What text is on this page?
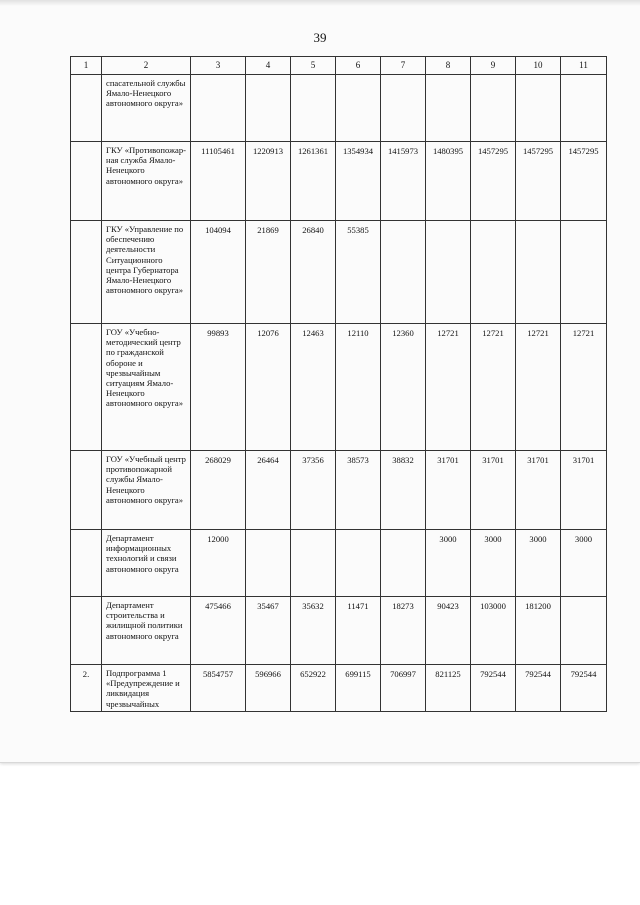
39
1	2	3	4	5	6	7	8	9	10	11
	спасательной службы Ямало-Ненецкого автономного округа»									
	ГКУ «Противопожар-ная служба Ямало-Ненецкого автономного округа»	11105461	1220913	1261361	1354934	1415973	1480395	1457295	1457295	1457295
	ГКУ «Управление по обеспечению деятельности Ситуационного центра Губернатора Ямало-Ненецкого автономного округа»	104094	21869	26840	55385					
	ГОУ «Учебно-методический центр по гражданской обороне и чрезвычайным ситуациям Ямало-Ненецкого автономного округа»	99893	12076	12463	12110	12360	12721	12721	12721	12721
	ГОУ «Учебный центр противопожарной службы Ямало-Ненецкого автономного округа»	268029	26464	37356	38573	38832	31701	31701	31701	31701
	Департамент информационных технологий и связи автономного округа	12000					3000	3000	3000	3000
	Департамент строительства и жилищной политики автономного округа	475466	35467	35632	11471	18273	90423	103000	181200	
2.	Подпрограмма 1 «Предупреждение и ликвидация чрезвычайных	5854757	596966	652922	699115	706997	821125	792544	792544	792544
